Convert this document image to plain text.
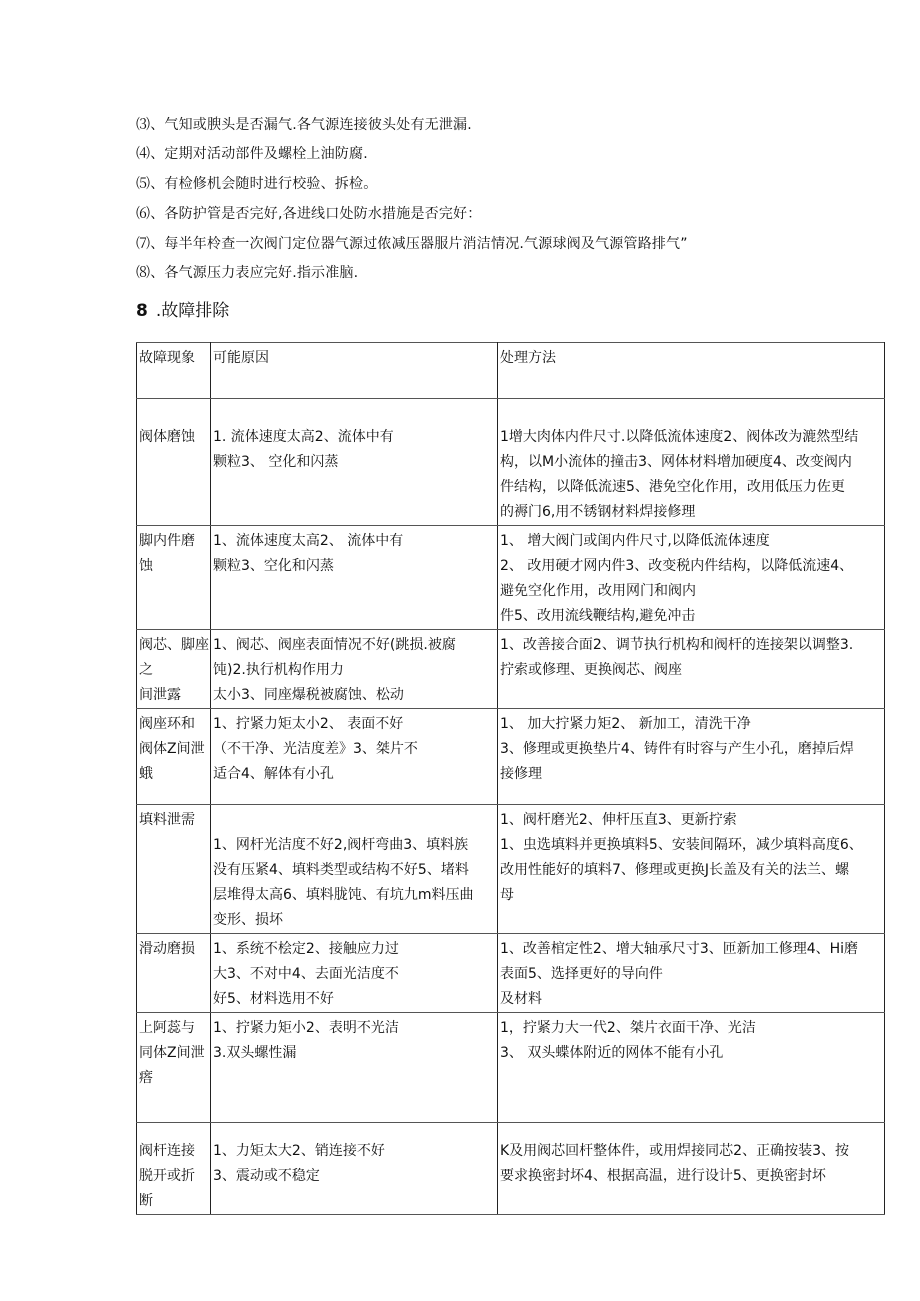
⑶、气知或腴头是否漏气.各气源连接彼头处有无泄漏.
⑷、定期对活动部件及螺栓上油防腐.
⑸、有检修机会随时进行校验、拆检。
⑹、各防护管是否完好,各进线口处防水措施是否完好：
⑺、每半年柃查一次阀门定位器气源过侬减压器服片消洁情况.气源球阀及气源管路排气”
⑻、各气源压力表应完好.指示准脑.
8 .故障排除
故障现象	可能原因	处理方法

阀体磨蚀	1. 流体速度太高2、流体中有
颗粒3、 空化和闪蒸	1增大肉体内件尺寸.以降低流体速度2、阀体改为漉然型结
构，以M小流体的撞击3、网体材料增加硬度4、改变阀内
件结构，以降低流速5、港免空化作用，改用低压力佐更
的褥门6,用不锈钢材料焊接修理

脚内件磨
蚀	1、流体速度太高2、 流体中有
颗粒3、空化和闪蒸	1、 增大阀门或闺内件尺寸,以降低流体速度
2、 改用硬才网内件3、改变税内件结构，以降低流速4、
避免空化作用，改用网门和阀内
件5、改用流线鞭结构,避免冲击

阀芯、脚座
之
间泄露	1、阀芯、阀座表面情况不好(跳损.被腐
饨)2.执行机构作用力
太小3、同座爆税被腐蚀、松动	1、改善接合面2、调节执行机构和阀杆的连接架以调整3.
拧索或修理、更换阀芯、阀座

阀座环和
阀体Z间泄
蛾	1、拧紧力矩太小2、 表面不好
（不干净、光洁度差》3、桀片不
适合4、解体有小孔	1、 加大拧紧力矩2、 新加工，清洗干净
3、修理或更换垫片4、铸件有时容与产生小孔，磨掉后焊
接修理

填料泄需	1、网杆光洁度不好2,阀杆弯曲3、填料族
没有压紧4、填料类型或结构不好5、堵料
层堆得太高6、填料胧饨、有坑九m料压曲
变形、损坏	1、阀杆磨光2、伸杆压直3、更新拧索
1、虫选填料并更换填料5、安装间隔环，减少填料高度6、
改用性能好的填料7、修理或更换J长盖及有关的法兰、螺
母

滑动磨损	1、系统不桧定2、接触应力过
大3、不对中4、去面光洁度不
好5、材料选用不好	1、改善棺定性2、增大轴承尺寸3、匝新加工修理4、Hi磨
表面5、选择更好的导向件
及材料

上阿蕊与
同体Z间泄
瘩	1、拧紧力矩小2、表明不光洁
3.双头螺性漏	1，拧紧力大一代2、桀片衣面干净、光洁
3、 双头蝶体附近的网体不能有小孔

阀杆连接
脱开或折
断	1、力矩太大2、销连接不好
3、震动或不稳定	K及用阀芯回杆整体件，或用焊接同芯2、正确按装3、按
要求换密封坏4、根据高温，进行设计5、更换密封坏
